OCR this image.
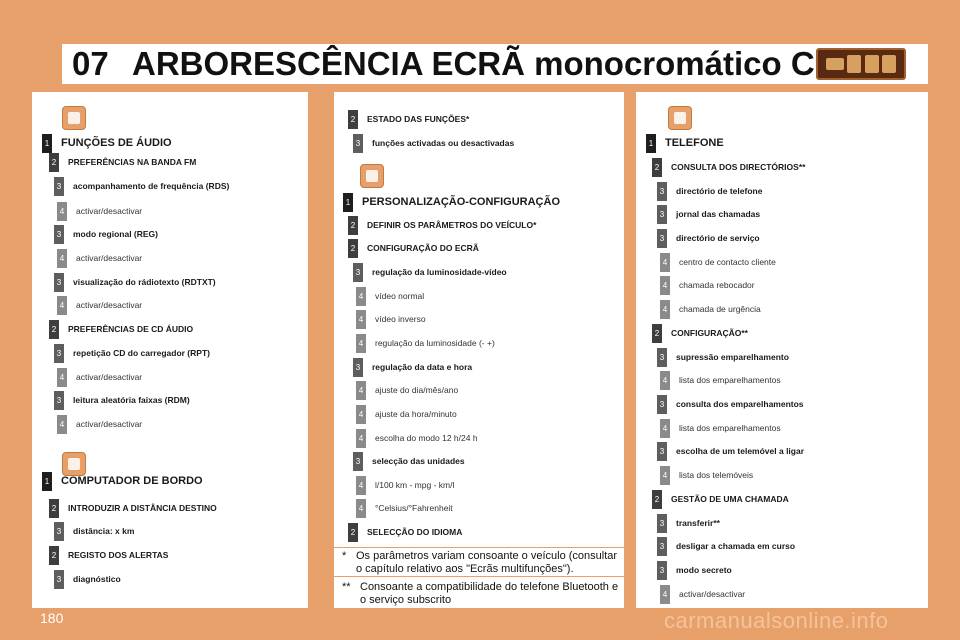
07 ARBORESCÊNCIA ECRÃ monocromático C
1 FUNÇÕES DE ÁUDIO
2	PREFERÊNCIAS NA BANDA FM
3	acompanhamento de frequência (RDS)
4	activar/desactivar
3	modo regional (REG)
4	activar/desactivar
3	visualização do rádiotexto (RDTXT)
4	activar/desactivar
2	PREFERÊNCIAS DE CD ÁUDIO
3	repetição CD do carregador (RPT)
4	activar/desactivar
3	leitura aleatória faixas (RDM)
4	activar/desactivar
1 COMPUTADOR DE BORDO
2	INTRODUZIR A DISTÂNCIA DESTINO
3	distância: x km
2	REGISTO DOS ALERTAS
3	diagnóstico
2	ESTADO DAS FUNÇÕES*
3	funções activadas ou desactivadas
1 PERSONALIZAÇÃO-CONFIGURAÇÃO
2	DEFINIR OS PARÂMETROS DO VEÍCULO*
2	CONFIGURAÇÃO DO ECRÃ
3	regulação da luminosidade-vídeo
4	vídeo normal
4	vídeo inverso
4	regulação da luminosidade (- +)
3	regulação da data e hora
4	ajuste do dia/mês/ano
4	ajuste da hora/minuto
4	escolha do modo 12 h/24 h
3	selecção das unidades
4	l/100 km - mpg - km/l
4	°Celsius/°Fahrenheit
2	SELECÇÃO DO IDIOMA
1 TELEFONE
2	CONSULTA DOS DIRECTÓRIOS**
3	directório de telefone
3	jornal das chamadas
3	directório de serviço
4	centro de contacto cliente
4	chamada rebocador
4	chamada de urgência
2	CONFIGURAÇÃO**
3	supressão emparelhamento
4	lista dos emparelhamentos
3	consulta dos emparelhamentos
4	lista dos emparelhamentos
3	escolha de um telemóvel a ligar
4	lista dos telemóveis
2	GESTÃO DE UMA CHAMADA
3	transferir**
3	desligar a chamada em curso
3	modo secreto
4	activar/desactivar
* Os parâmetros variam consoante o veículo (consultar o capítulo relativo aos "Ecrãs multifunções").
** Consoante a compatibilidade do telefone Bluetooth e o serviço subscrito
180	carmanualsonline.info
